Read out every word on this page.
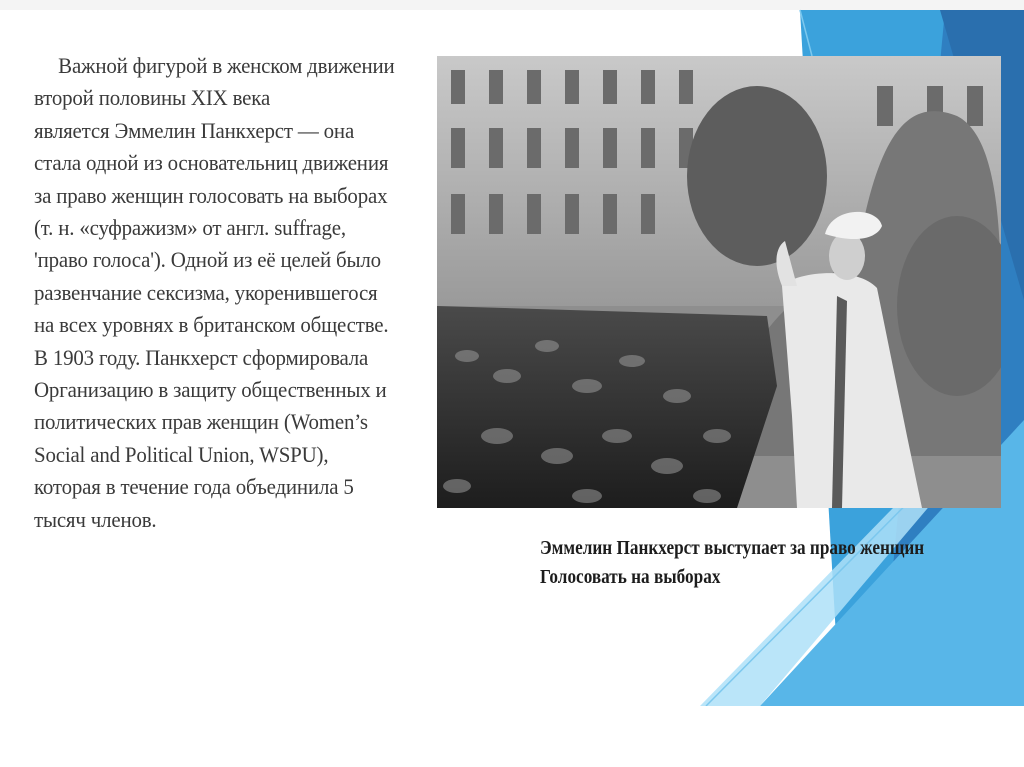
Важной фигурой в женском движении
второй половины XIX века
является Эммелин Панкхерст — она
стала одной из основательниц движения
за право женщин голосовать на выборах
(т. н. «суфражизм» от англ. suffrage,
'право голоса'). Одной из её целей было
развенчание сексизма, укоренившегося
на всех уровнях в британском обществе.
В 1903 году. Панкхерст сформировала
Организацию в защиту общественных и
политических прав женщин (Women’s
Social and Political Union, WSPU),
которая в течение года объединила 5
тысяч членов.
Эммелин Панкхерст выступает за право женщин
Голосовать на выборах
